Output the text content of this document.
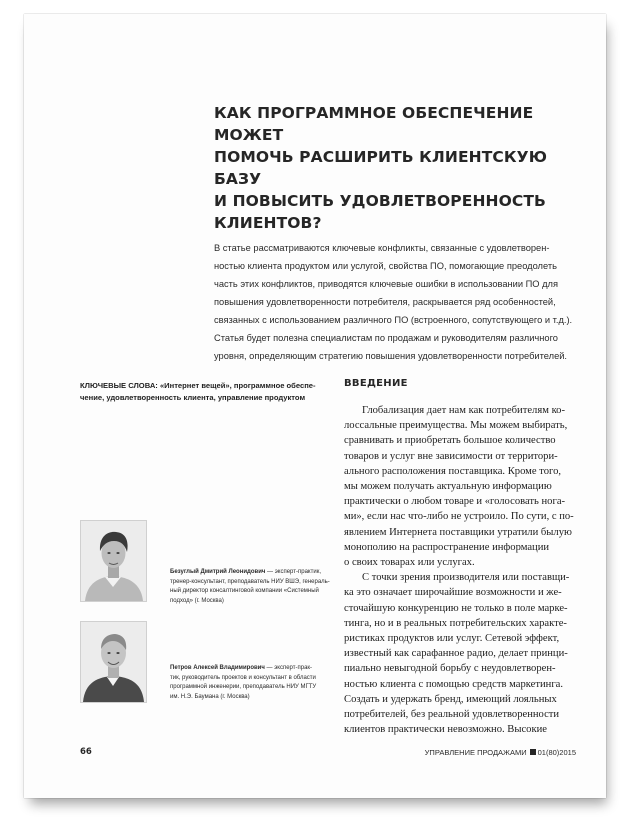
КАК ПРОГРАММНОЕ ОБЕСПЕЧЕНИЕ МОЖЕТ
ПОМОЧЬ РАСШИРИТЬ КЛИЕНТСКУЮ БАЗУ
И ПОВЫСИТЬ УДОВЛЕТВОРЕННОСТЬ
КЛИЕНТОВ?
В статье рассматриваются ключевые конфликты, связанные с удовлетворен-
ностью клиента продуктом или услугой, свойства ПО, помогающие преодолеть
часть этих конфликтов, приводятся ключевые ошибки в использовании ПО для
повышения удовлетворенности потребителя, раскрывается ряд особенностей,
связанных с использованием различного ПО (встроенного, сопутствующего и т.д.).
Статья будет полезна специалистам по продажам и руководителям различного
уровня, определяющим стратегию повышения удовлетворенности потребителей.
КЛЮЧЕВЫЕ СЛОВА: «Интернет вещей», программное обеспе-
чение, удовлетворенность клиента, управление продуктом
ВВЕДЕНИЕ
Глобализация дает нам как потребителям ко-
лоссальные преимущества. Мы можем выбирать,
сравнивать и приобретать большое количество
товаров и услуг вне зависимости от территори-
ального расположения поставщика. Кроме того,
мы можем получать актуальную информацию
практически о любом товаре и «голосовать нога-
ми», если нас что-либо не устроило. По сути, с по-
явлением Интернета поставщики утратили былую
монополию на распространение информации
о своих товарах или услугах.
С точки зрения производителя или поставщи-
ка это означает широчайшие возможности и же-
сточайшую конкуренцию не только в поле марке-
тинга, но и в реальных потребительских характе-
ристиках продуктов или услуг. Сетевой эффект,
известный как сарафанное радио, делает принци-
пиально невыгодной борьбу с неудовлетворен-
ностью клиента с помощью средств маркетинга.
Создать и удержать бренд, имеющий лояльных
потребителей, без реальной удовлетворенности
клиентов практически невозможно. Высокие
Безуглый Дмитрий Леонидович — эксперт-практик,
тренер-консультант, преподаватель НИУ ВШЭ, генераль-
ный директор консалтинговой компании «Системный
подход» (г. Москва)
Петров Алексей Владимирович — эксперт-прак-
тик, руководитель проектов и консультант в области
программной инженерии, преподаватель НИУ МГТУ
им. Н.Э. Баумана (г. Москва)
66	УПРАВЛЕНИЕ ПРОДАЖАМИ 01(80)2015
